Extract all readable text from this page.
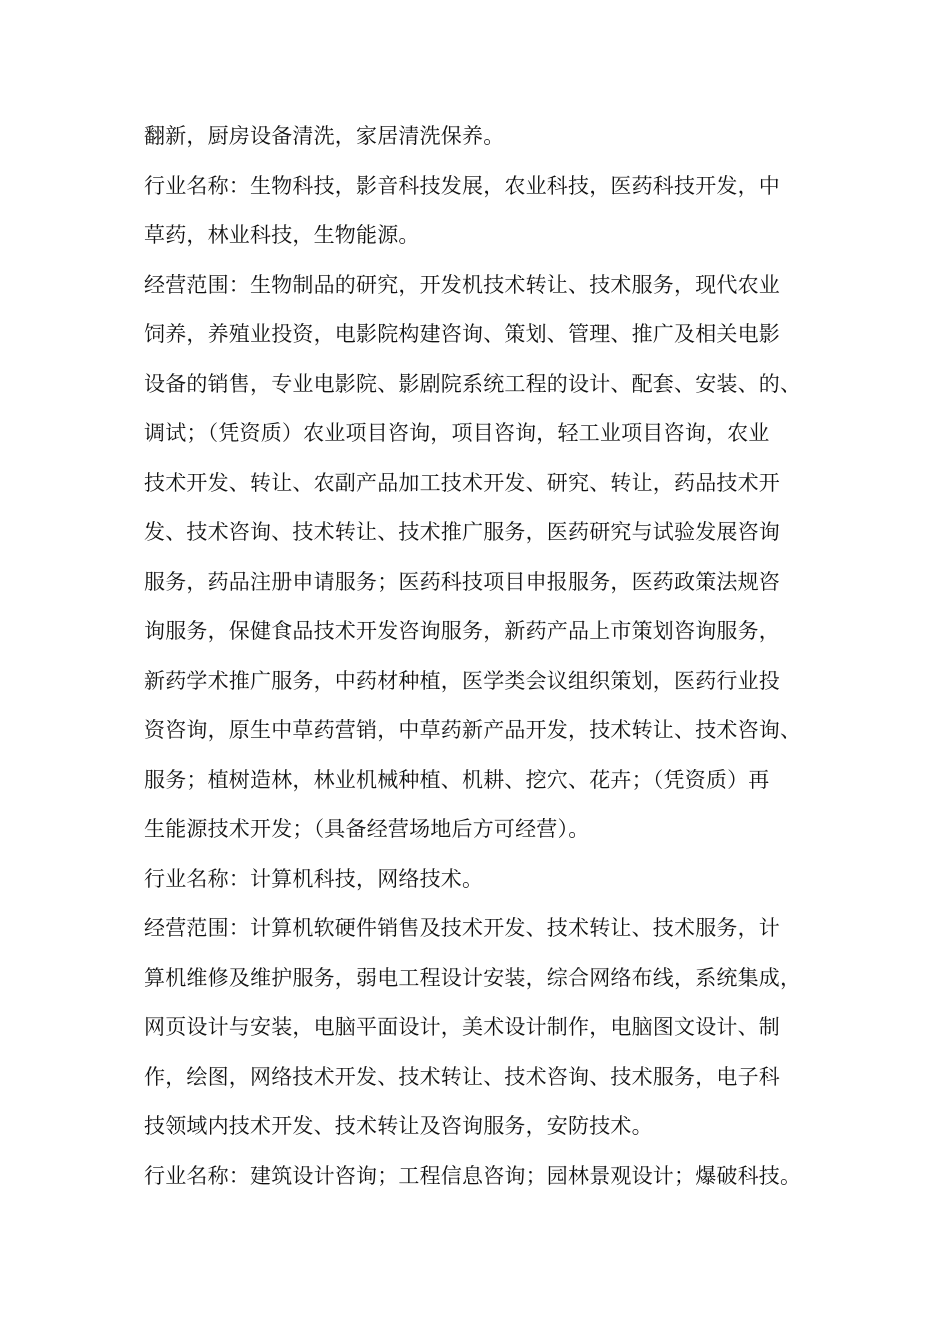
翻新，厨房设备清洗，家居清洗保养。
行业名称：生物科技，影音科技发展，农业科技，医药科技开发，中
草药，林业科技，生物能源。
经营范围：生物制品的研究，开发机技术转让、技术服务，现代农业
饲养，养殖业投资，电影院构建咨询、策划、管理、推广及相关电影
设备的销售，专业电影院、影剧院系统工程的设计、配套、安装、的、
调试；（凭资质）农业项目咨询，项目咨询，轻工业项目咨询，农业
技术开发、转让、农副产品加工技术开发、研究、转让，药品技术开
发、技术咨询、技术转让、技术推广服务，医药研究与试验发展咨询
服务，药品注册申请服务；医药科技项目申报服务，医药政策法规咨
询服务，保健食品技术开发咨询服务，新药产品上市策划咨询服务，
新药学术推广服务，中药材种植，医学类会议组织策划，医药行业投
资咨询，原生中草药营销，中草药新产品开发，技术转让、技术咨询、
服务；植树造林，林业机械种植、机耕、挖穴、花卉；（凭资质）再
生能源技术开发；（具备经营场地后方可经营）。
行业名称：计算机科技，网络技术。
经营范围：计算机软硬件销售及技术开发、技术转让、技术服务，计
算机维修及维护服务，弱电工程设计安装，综合网络布线，系统集成，
网页设计与安装，电脑平面设计，美术设计制作，电脑图文设计、制
作，绘图，网络技术开发、技术转让、技术咨询、技术服务，电子科
技领域内技术开发、技术转让及咨询服务，安防技术。
行业名称：建筑设计咨询；工程信息咨询；园林景观设计；爆破科技。
